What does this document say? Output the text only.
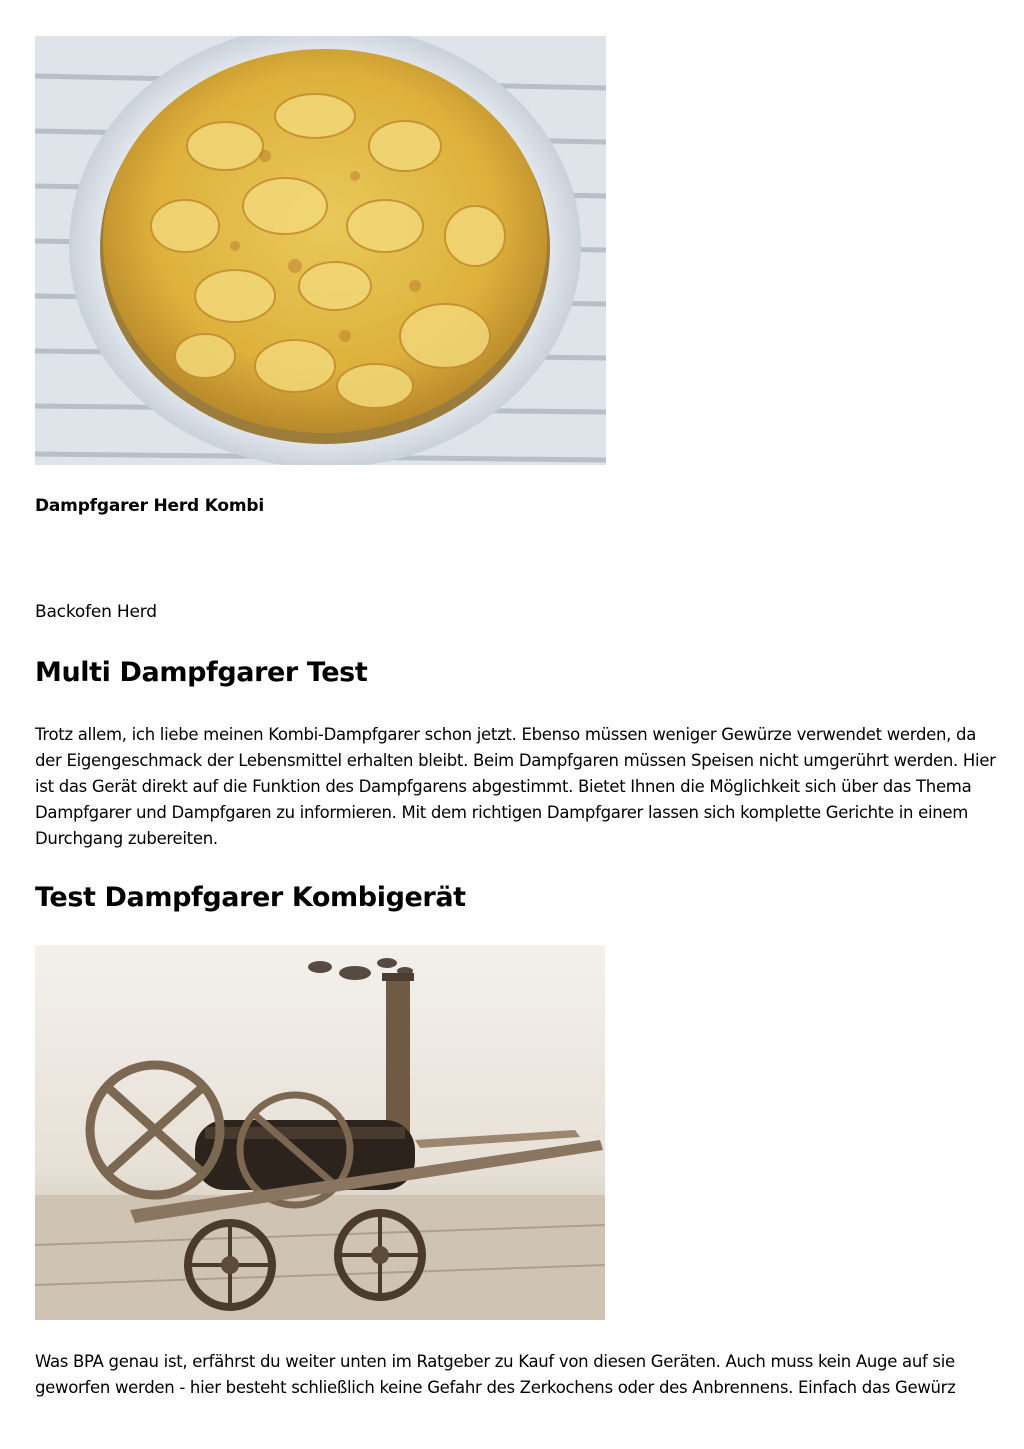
Dampfgarer Herd Kombi
Backofen Herd
Multi Dampfgarer Test

Trotz allem, ich liebe meinen Kombi-Dampfgarer schon jetzt. Ebenso müssen weniger Gewürze verwendet werden, da der Eigengeschmack der Lebensmittel erhalten bleibt. Beim Dampfgaren müssen Speisen nicht umgerührt werden. Hier ist das Gerät direkt auf die Funktion des Dampfgarens abgestimmt. Bietet Ihnen die Möglichkeit sich über das Thema Dampfgarer und Dampfgaren zu informieren. Mit dem richtigen Dampfgarer lassen sich komplette Gerichte in einem Durchgang zubereiten.

Test Dampfgarer Kombigerät

Was BPA genau ist, erfährst du weiter unten im Ratgeber zu Kauf von diesen Geräten. Auch muss kein Auge auf sie geworfen werden - hier besteht schließlich keine Gefahr des Zerkochens oder des Anbrennens. Einfach das Gewürz
